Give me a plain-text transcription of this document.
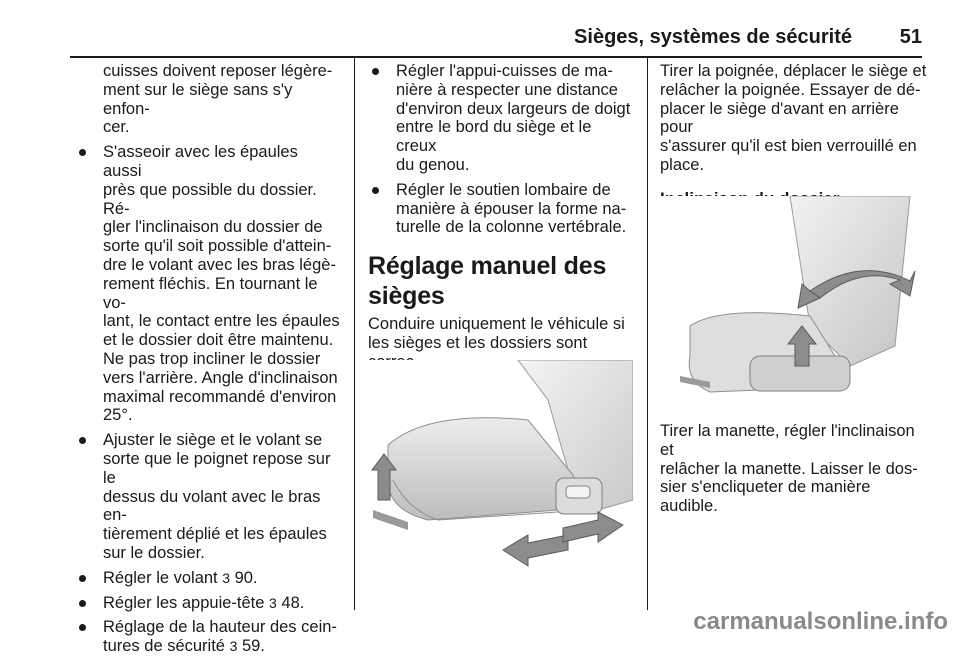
Sièges, systèmes de sécurité 51

cuisses doivent reposer légère-
ment sur le siège sans s'y enfon-
cer.

S'asseoir avec les épaules aussi
près que possible du dossier. Ré-
gler l'inclinaison du dossier de
sorte qu'il soit possible d'attein-
dre le volant avec les bras légè-
rement fléchis. En tournant le vo-
lant, le contact entre les épaules
et le dossier doit être maintenu.
Ne pas trop incliner le dossier
vers l'arrière. Angle d'inclinaison
maximal recommandé d'environ
25°.
Ajuster le siège et le volant se
sorte que le poignet repose sur le
dessus du volant avec le bras en-
tièrement déplié et les épaules
sur le dossier.
Régler le volant 3 90.
Régler les appuie-tête 3 48.
Réglage de la hauteur des cein-
tures de sécurité 3 59.
Régler l'appui-cuisses de ma-
nière à respecter une distance
d'environ deux largeurs de doigt
entre le bord du siège et le creux
du genou.
Régler le soutien lombaire de
manière à épouser la forme na-
turelle de la colonne vertébrale.
Réglage manuel des sièges

Conduire uniquement le véhicule si
les sièges et les dossiers sont

Tirer la poignée, déplacer le siège et
relâcher la poignée. Essayer de dé-
placer le siège d'avant en arrière pour
s'assurer qu'il est bien verrouillé en
place.

Tirer la manette, régler l'inclinaison et
relâcher la manette. Laisser le dos-
sier s'encliqueter de manière audible.

carmanualsonline.info
